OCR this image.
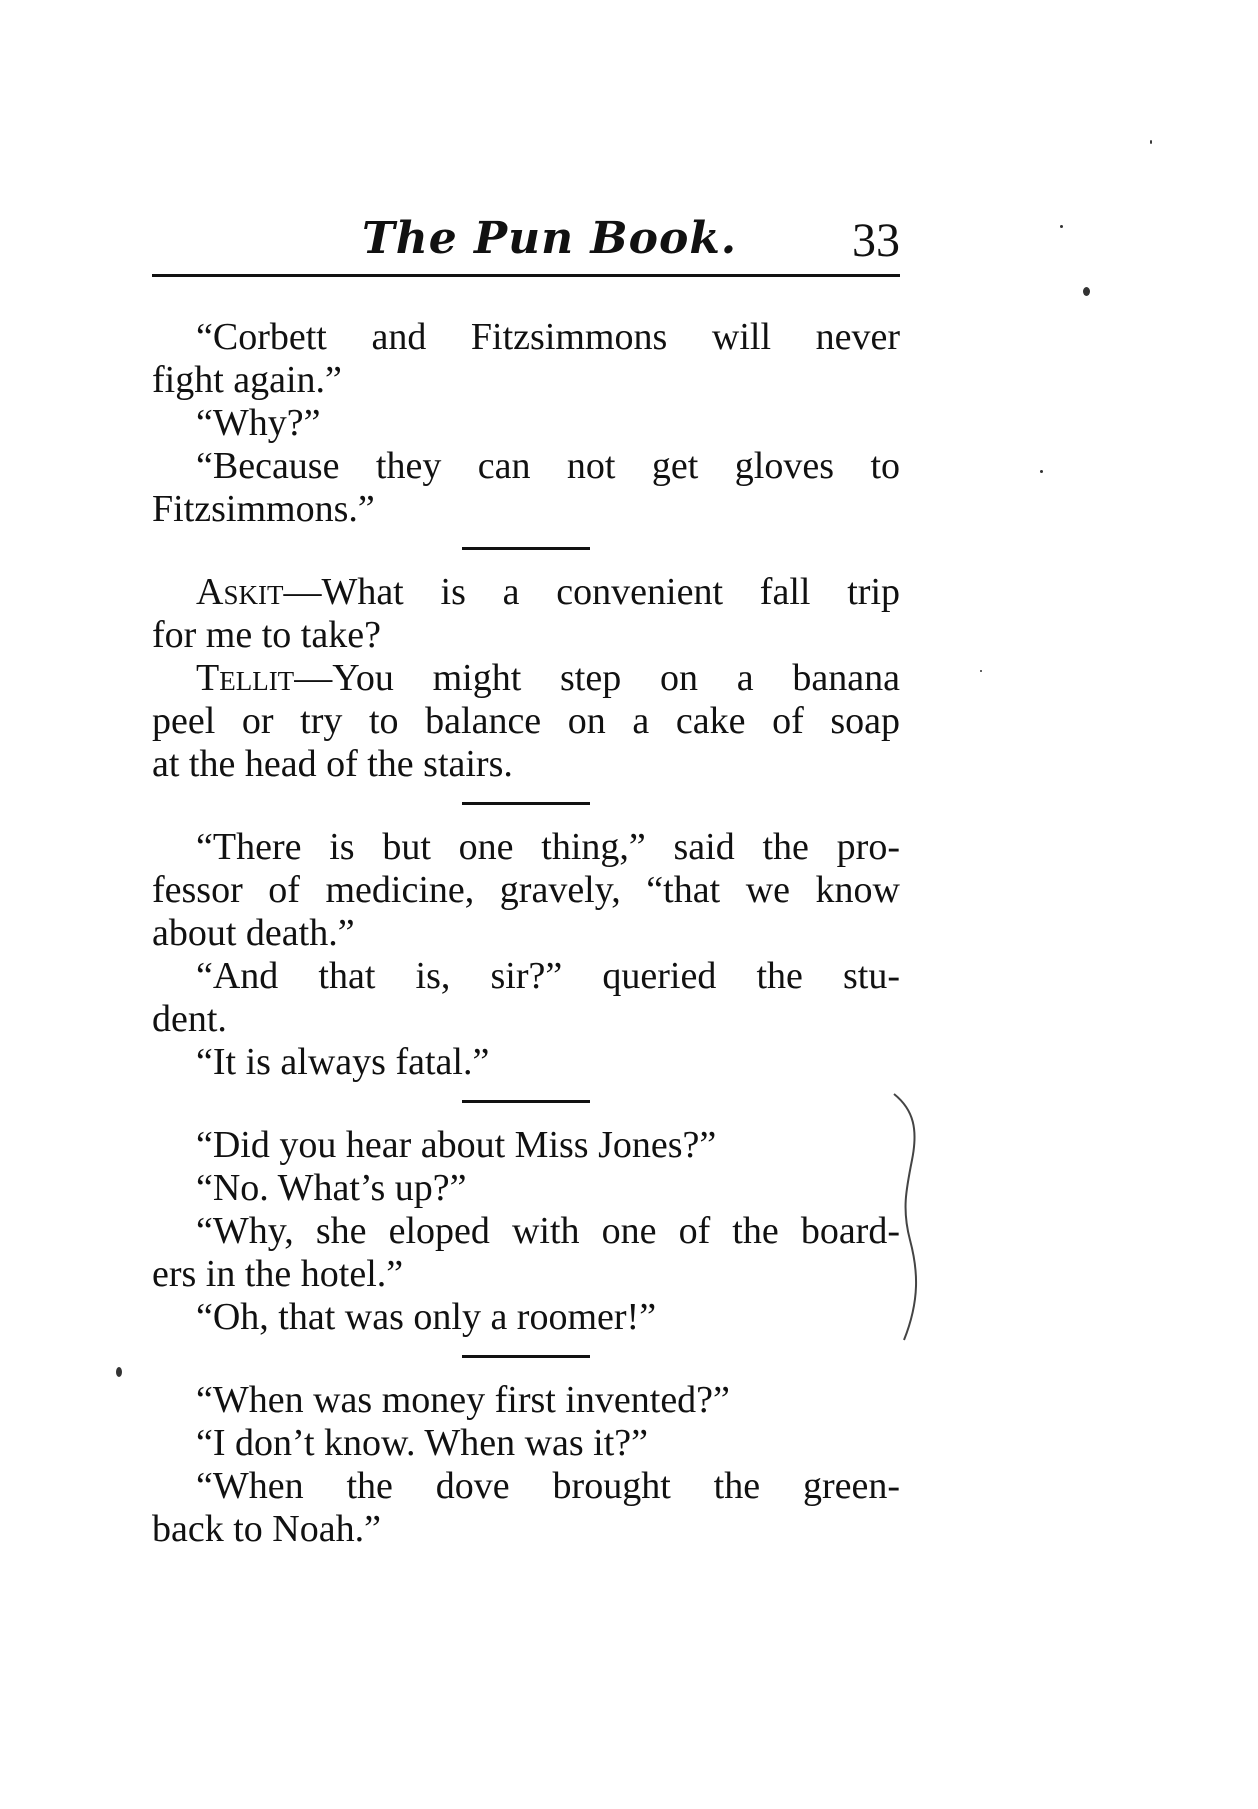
The Pun Book. 33
“Corbett and Fitzsimmons will never
fight again.”
“Why?”
“Because they can not get gloves to
Fitzsimmons.”
Askit—What is a convenient fall trip
for me to take?
Tellit—You might step on a banana
peel or try to balance on a cake of soap
at the head of the stairs.
“There is but one thing,” said the pro-
fessor of medicine, gravely, “that we know
about death.”
“And that is, sir?” queried the stu-
dent.
“It is always fatal.”
“Did you hear about Miss Jones?”
“No. What’s up?”
“Why, she eloped with one of the board-
ers in the hotel.”
“Oh, that was only a roomer!”
“When was money first invented?”
“I don’t know. When was it?”
“When the dove brought the green-
back to Noah.”
